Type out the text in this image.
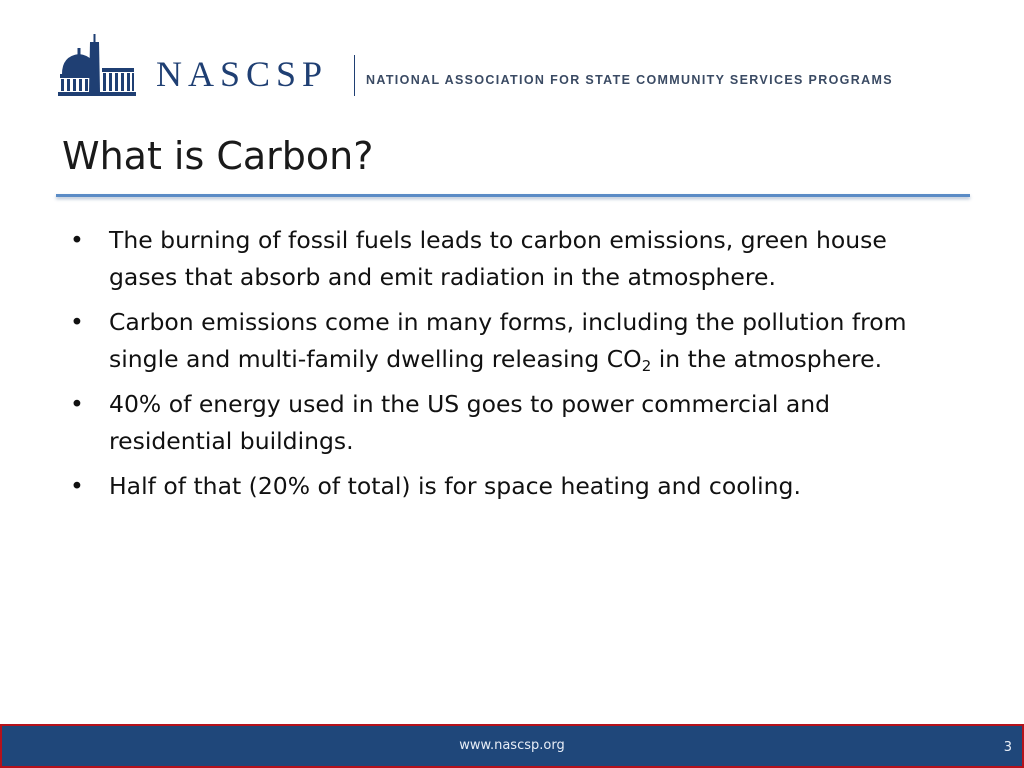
NASCSP	NATIONAL ASSOCIATION FOR STATE COMMUNITY SERVICES PROGRAMS
What is Carbon?
• The burning of fossil fuels leads to carbon emissions, green house gases that absorb and emit radiation in the atmosphere.
• Carbon emissions come in many forms, including the pollution from single and multi-family dwelling releasing $CO_2$ in the atmosphere.
• 40% of energy used in the US goes to power commercial and residential buildings.
• Half of that (20% of total) is for space heating and cooling.
www.nascsp.org	3
